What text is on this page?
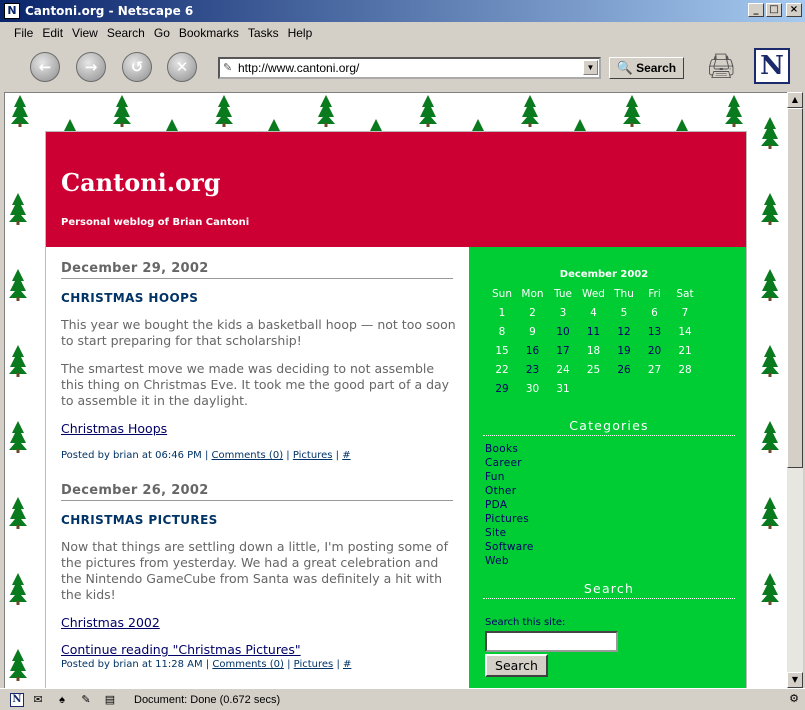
N Cantoni.org - Netscape 6	_	□	×
File Edit View Search Go Bookmarks Tasks Help
←	→	↺	✕	✎ http://www.cantoni.org/	▼	🔍 Search	🖨 N
Cantoni.org
Personal weblog of Brian Cantoni
December 29, 2002
CHRISTMAS HOOPS
This year we bought the kids a basketball hoop — not too soon to start preparing for that scholarship!
The smartest move we made was deciding to not assemble this thing on Christmas Eve. It took me the good part of a day to assemble it in the daylight.
Christmas Hoops
Posted by brian at 06:46 PM | Comments (0) | Pictures | #
December 26, 2002
CHRISTMAS PICTURES
Now that things are settling down a little, I'm posting some of the pictures from yesterday. We had a great celebration and the Nintendo GameCube from Santa was definitely a hit with the kids!
Christmas 2002
Continue reading "Christmas Pictures"
Posted by brian at 11:28 AM | Comments (0) | Pictures | #
December 2002
Sun Mon Tue Wed Thu	Fri	Sat
1	2	3	4	5	6	7
8	9	10	11	12	13	14
15	16	17	18	19	20	21
22	23	24	25	26	27	28
29	30	31
Categories
Books
Career
Fun
Other
PDA
Pictures
Site
Software
Web
Search
Search this site:
Search
▲
▼
N	✉	♠	✎	▤	Document: Done (0.672 secs)	⚙
